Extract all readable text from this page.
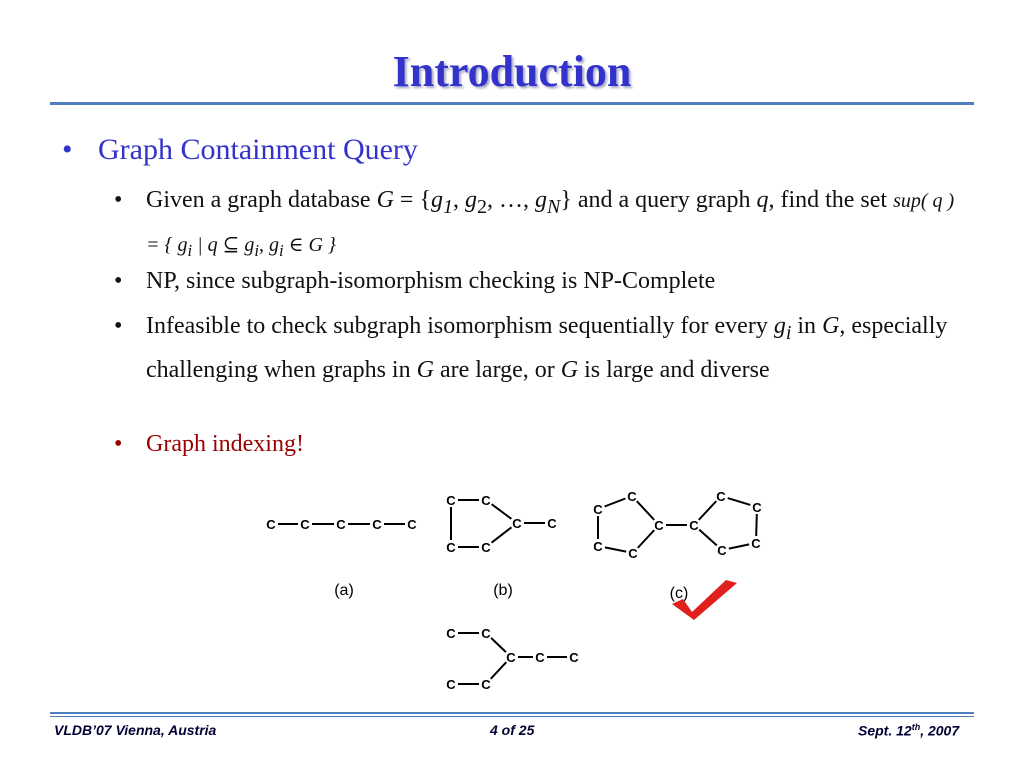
Introduction
• Graph Containment Query
• Given a graph database $G = \{g_1$, $g_2$, …, $g_N$} and a query graph q, find the set sup( q ) = { $g_i$ | q ⊆ $g_i$, $g_i$ ∈ G }
• NP, since subgraph-isomorphism checking is NP-Complete
• Infeasible to check subgraph isomorphism sequentially for every $g_i$ in G, especially challenging when graphs in G are large, or G is large and diverse
• Graph indexing!
C C C C C
C C
C C
C
C
C
C
C
C
C
C
C
C
C
C
C C
C C C
C
C
(a)	(b)	(c)
VLDB’07 Vienna, Austria	4 of 25	Sept. 12th, 2007
